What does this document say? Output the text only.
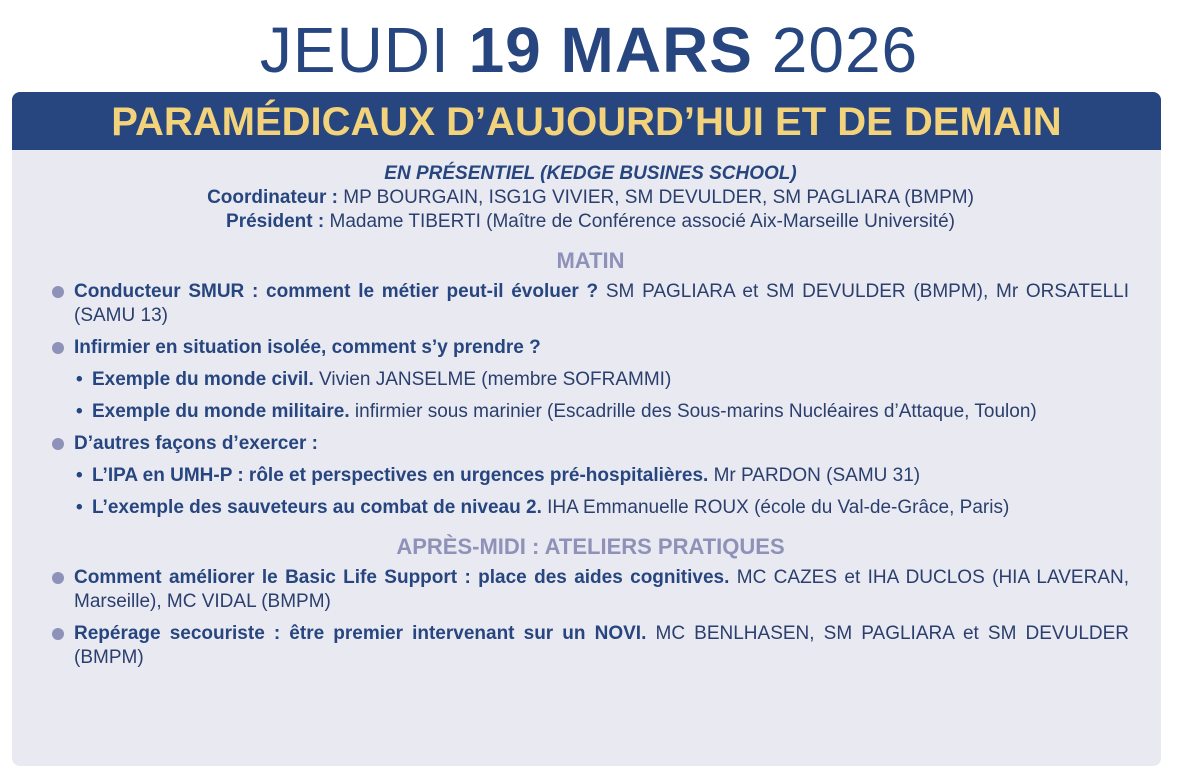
JEUDI 19 MARS 2026
PARAMÉDICAUX D’AUJOURD’HUI ET DE DEMAIN
EN PRÉSENTIEL (KEDGE BUSINES SCHOOL)
Coordinateur : MP BOURGAIN, ISG1G VIVIER, SM DEVULDER, SM PAGLIARA (BMPM)
Président : Madame TIBERTI (Maître de Conférence associé Aix-Marseille Université)
MATIN
Conducteur SMUR : comment le métier peut-il évoluer ? SM PAGLIARA et SM DEVULDER (BMPM), Mr ORSATELLI (SAMU 13)
Infirmier en situation isolée, comment s’y prendre ?
• Exemple du monde civil. Vivien JANSELME (membre SOFRAMMI)
• Exemple du monde militaire. infirmier sous marinier (Escadrille des Sous-marins Nucléaires d’Attaque, Toulon)
D’autres façons d’exercer :
• L’IPA en UMH-P : rôle et perspectives en urgences pré-hospitalières. Mr PARDON (SAMU 31)
• L’exemple des sauveteurs au combat de niveau 2. IHA Emmanuelle ROUX (école du Val-de-Grâce, Paris)
APRÈS-MIDI : ATELIERS PRATIQUES
Comment améliorer le Basic Life Support : place des aides cognitives. MC CAZES et IHA DUCLOS (HIA LAVERAN, Marseille), MC VIDAL (BMPM)
Repérage secouriste : être premier intervenant sur un NOVI. MC BENLHASEN, SM PAGLIARA et SM DEVULDER (BMPM)
